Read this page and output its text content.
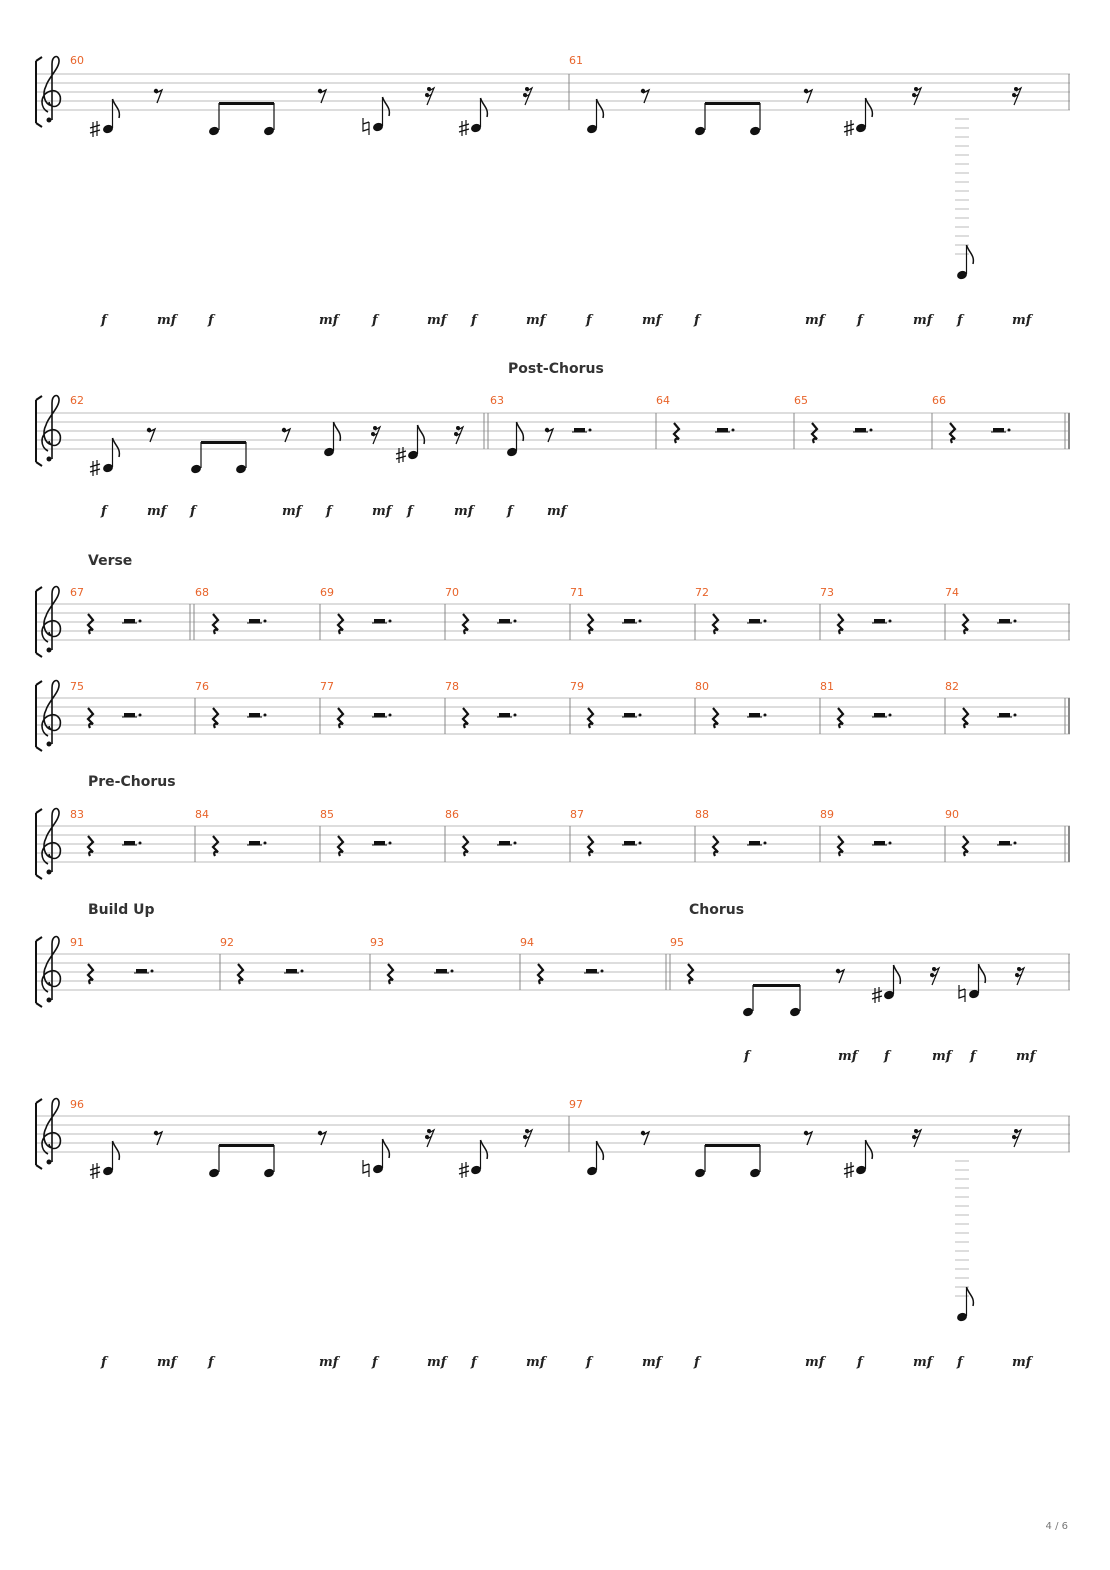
60	61
f	mf f	mf	f	mf f	mf	f	mf	f	mf	f	mf f	mf
Post-Chorus
62	63	64	65	66
f	mf f	mf f	mf f	mf	f	mf
Verse
67	68	69	70	71	72	73	74
75	76	77	78	79	80	81	82
Pre-Chorus
83	84	85	86	87	88	89	90
Build Up	Chorus
91	92	93	94	95
f	mf f	mf f	mf
96	97
f	mf f	mf	f	mf f	mf	f	mf	f	mf	f	mf f	mf
4 / 6
